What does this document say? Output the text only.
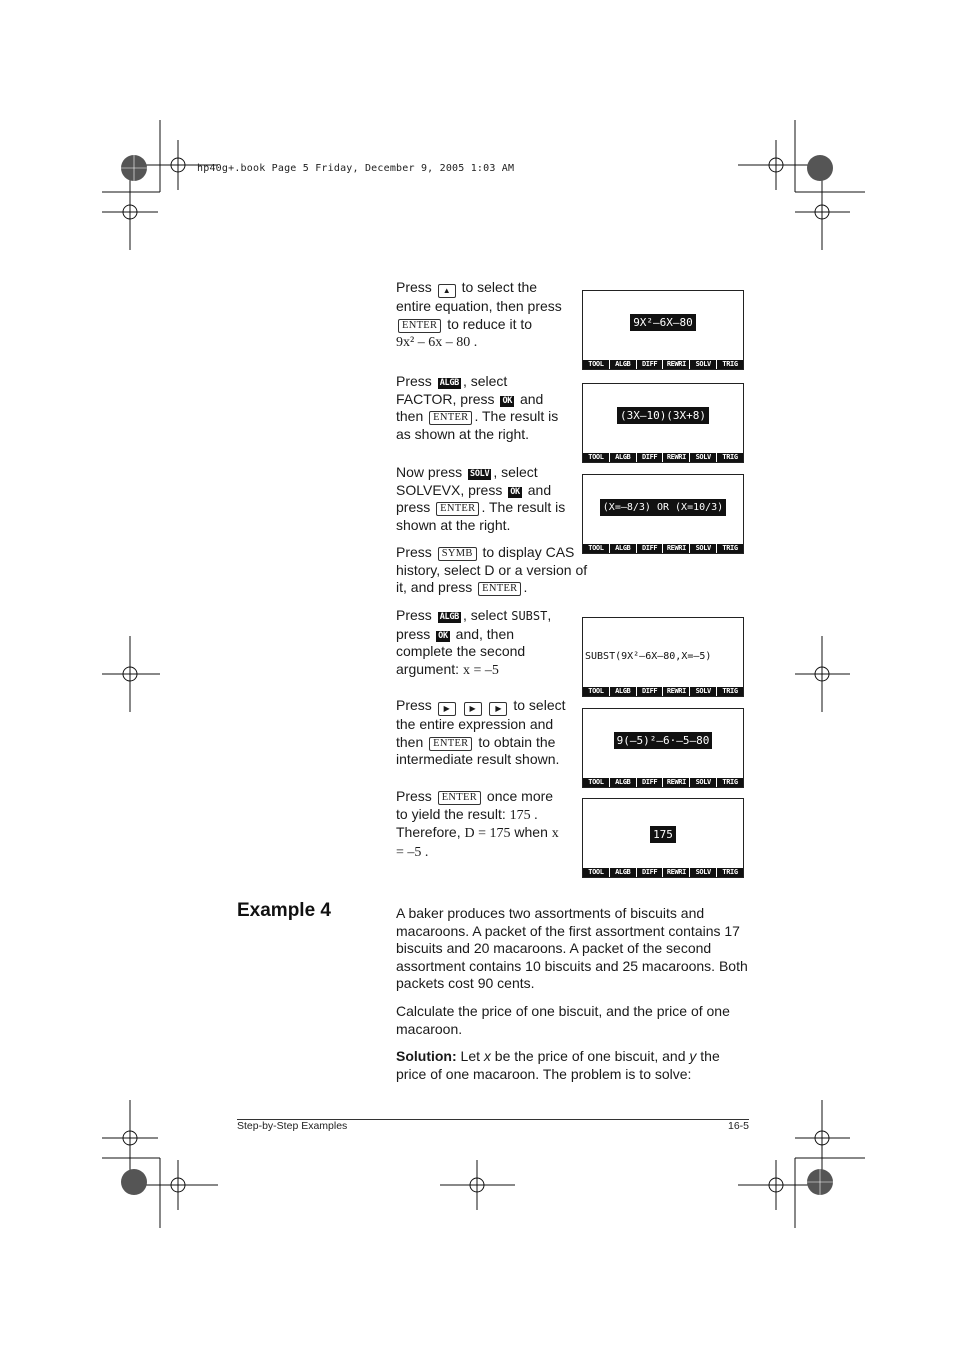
hp40g+.book Page 5 Friday, December 9, 2005 1:03 AM
Press ▲ to select the entire equation, then press
ENTER to reduce it to
9x² – 6x – 80 .
Press ALGB , select FACTOR, press OK and then ENTER . The result is as shown at the right.
Now press SOLV , select SOLVEVX, press OK and press ENTER . The result is shown at the right.
Press SYMB to display CAS history, select D or a version of it, and press ENTER .
Press ALGB , select SUBST, press OK and, then complete the second argument: x = –5
Press ▶ ▶ ▶ to select the entire expression and then ENTER to obtain the intermediate result shown.
Press ENTER once more to yield the result: 175 . Therefore, D = 175 when x = –5 .
9X²–6X–80
TOOL	ALGB	DIFF	REWRI	SOLV	TRIG
(3X–10)(3X+8)
TOOL	ALGB	DIFF	REWRI	SOLV	TRIG
(X=–8/3) OR (X=10/3)
TOOL	ALGB	DIFF	REWRI	SOLV	TRIG
SUBST(9X²–6X–80,X=–5)
TOOL	ALGB	DIFF	REWRI	SOLV	TRIG
9(–5)²–6·–5–80
TOOL	ALGB	DIFF	REWRI	SOLV	TRIG
175
TOOL	ALGB	DIFF	REWRI	SOLV	TRIG
Example 4	A baker produces two assortments of biscuits and macaroons. A packet of the first assortment contains 17 biscuits and 20 macaroons. A packet of the second assortment contains 10 biscuits and 25 macaroons. Both packets cost 90 cents.
Calculate the price of one biscuit, and the price of one macaroon.
Solution: Let x be the price of one biscuit, and y the price of one macaroon. The problem is to solve:
Step-by-Step Examples	16-5
